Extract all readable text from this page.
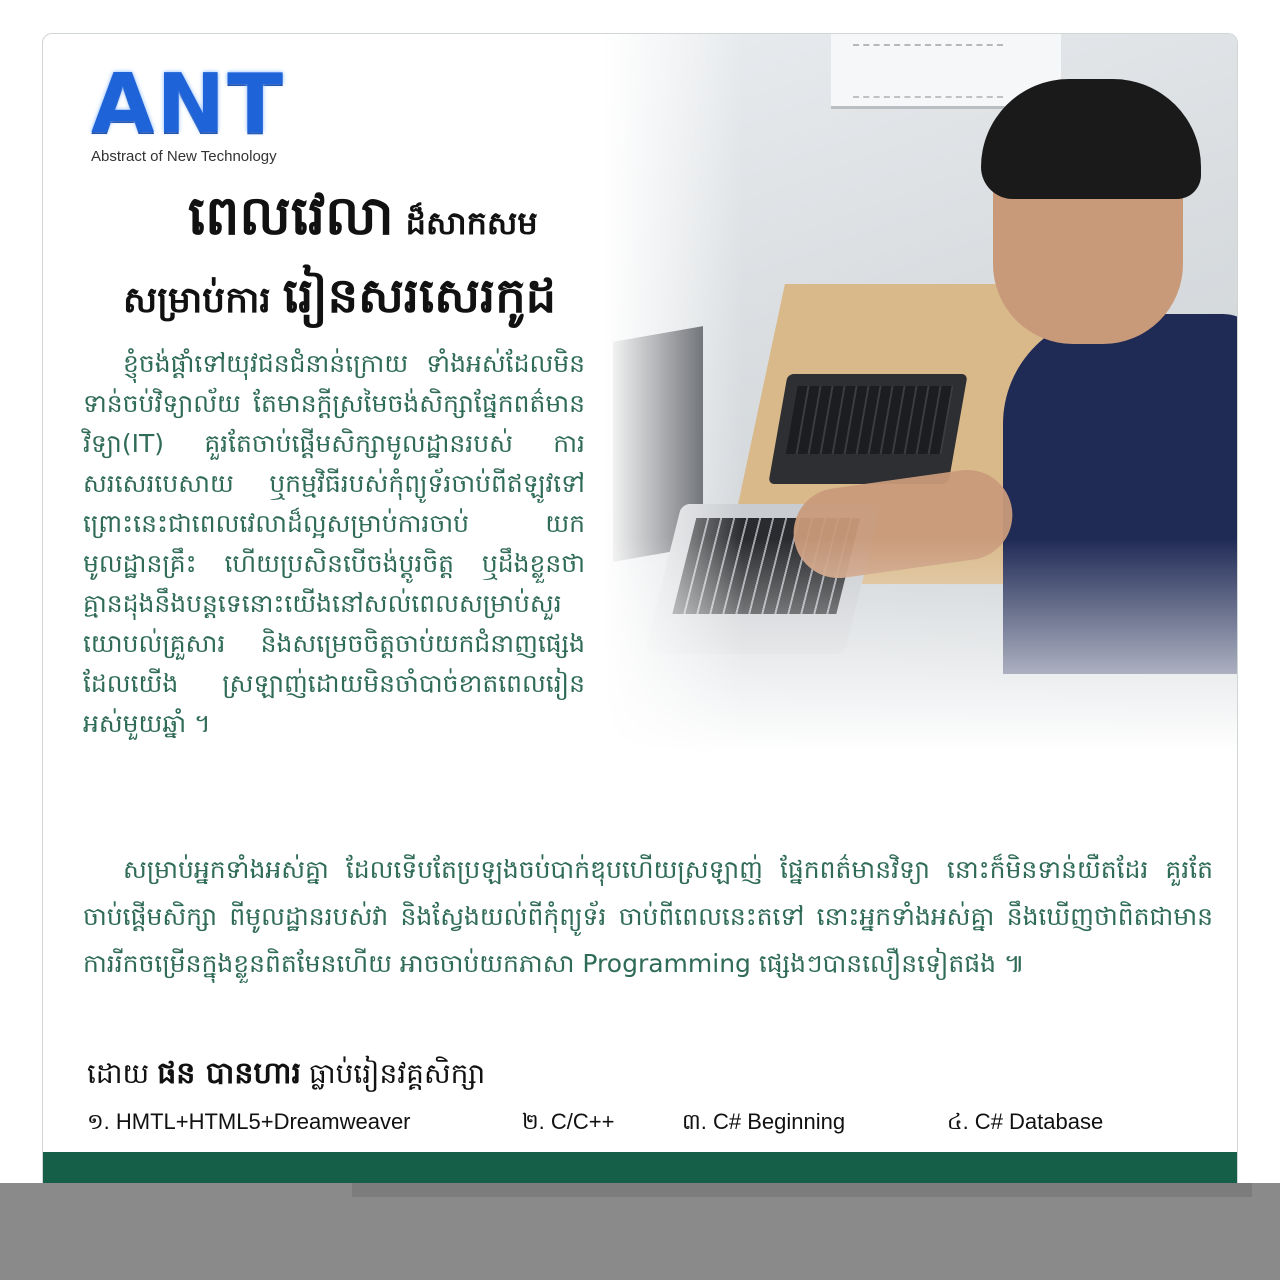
ANT
Abstract of New Technology
ពេលវេលា ដ៏សាកសម
សម្រាប់ការ រៀនសរសេរកូដ
ខ្ញុំចង់ផ្ដាំទៅយុវជនជំនាន់ក្រោយ ទាំងអស់ដែលមិនទាន់ចប់វិទ្យាល័យ តែមានក្ដីស្រមៃចង់សិក្សាផ្នែកពត៌មានវិទ្យា(IT) គួរតែចាប់ផ្ដើមសិក្សាមូលដ្ឋានរបស់ ការសរសេរបេសាយ ឬកម្មវិធីរបស់កុំព្យូទ័រចាប់ពីឥឡូវទៅ ព្រោះនេះជាពេលវេលាដ៏ល្អសម្រាប់ការចាប់ យកមូលដ្ឋានគ្រឹះ ហើយប្រសិនបើចង់ប្ដូរចិត្ត ឬដឹងខ្លួនថាគ្មានដុងនឹងបន្តទេនោះយើងនៅសល់ពេលសម្រាប់សួរយោបល់គ្រួសារ និងសម្រេចចិត្តចាប់យកជំនាញផ្សេងដែលយើង ស្រឡាញ់ដោយមិនចាំបាច់ខាតពេលរៀនអស់មួយឆ្នាំ ។
សម្រាប់អ្នកទាំងអស់គ្នា ដែលទើបតែប្រឡងចប់បាក់ឌុបហើយស្រឡាញ់ ផ្នែកពត៌មានវិទ្យា នោះក៏មិនទាន់យឺតដែរ គួរតែចាប់ផ្ដើមសិក្សា ពីមូលដ្ឋានរបស់វា និងស្វែងយល់ពីកុំព្យូទ័រ ចាប់ពីពេលនេះតទៅ នោះអ្នកទាំងអស់គ្នា នឹងឃើញថាពិតជាមានការរីកចម្រើនក្នុងខ្លួនពិតមែនហើយ អាចចាប់យកភាសា Programming ផ្សេងៗបានលឿនទៀតផង ៕
ដោយ ផន បានហារ ធ្លាប់រៀនវគ្គសិក្សា
១. HMTL+HTML5+Dreamweaver	២. C/C++	៣. C# Beginning	៤. C# Database
